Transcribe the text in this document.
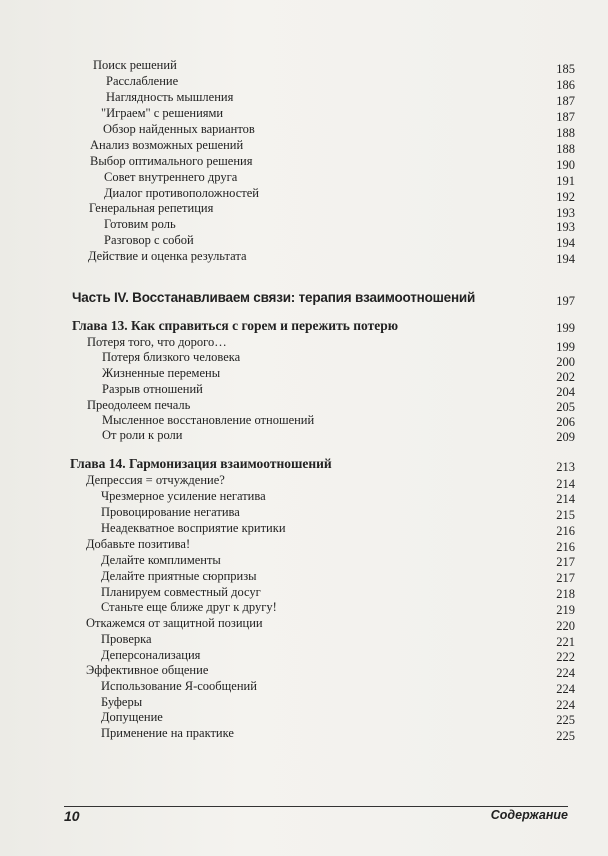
Поиск решений	185
Расслабление	186
Наглядность мышления	187
"Играем" с решениями	187
Обзор найденных вариантов	188
Анализ возможных решений	188
Выбор оптимального решения	190
Совет внутреннего друга	191
Диалог противоположностей	192
Генеральная репетиция	193
Готовим роль	193
Разговор с собой	194
Действие и оценка результата	194
Часть IV. Восстанавливаем связи: терапия взаимоотношений	197
Глава 13. Как справиться с горем и пережить потерю	199
Потеря того, что дорого…	199
Потеря близкого человека	200
Жизненные перемены	202
Разрыв отношений	204
Преодолеем печаль	205
Мысленное восстановление отношений	206
От роли к роли	209
Глава 14. Гармонизация взаимоотношений	213
Депрессия = отчуждение?	214
Чрезмерное усиление негатива	214
Провоцирование негатива	215
Неадекватное восприятие критики	216
Добавьте позитива!	216
Делайте комплименты	217
Делайте приятные сюрпризы	217
Планируем совместный досуг	218
Станьте еще ближе друг к другу!	219
Откажемся от защитной позиции	220
Проверка	221
Деперсонализация	222
Эффективное общение	224
Использование Я-сообщений	224
Буферы	224
Допущение	225
Применение на практике	225
10	Содержание
